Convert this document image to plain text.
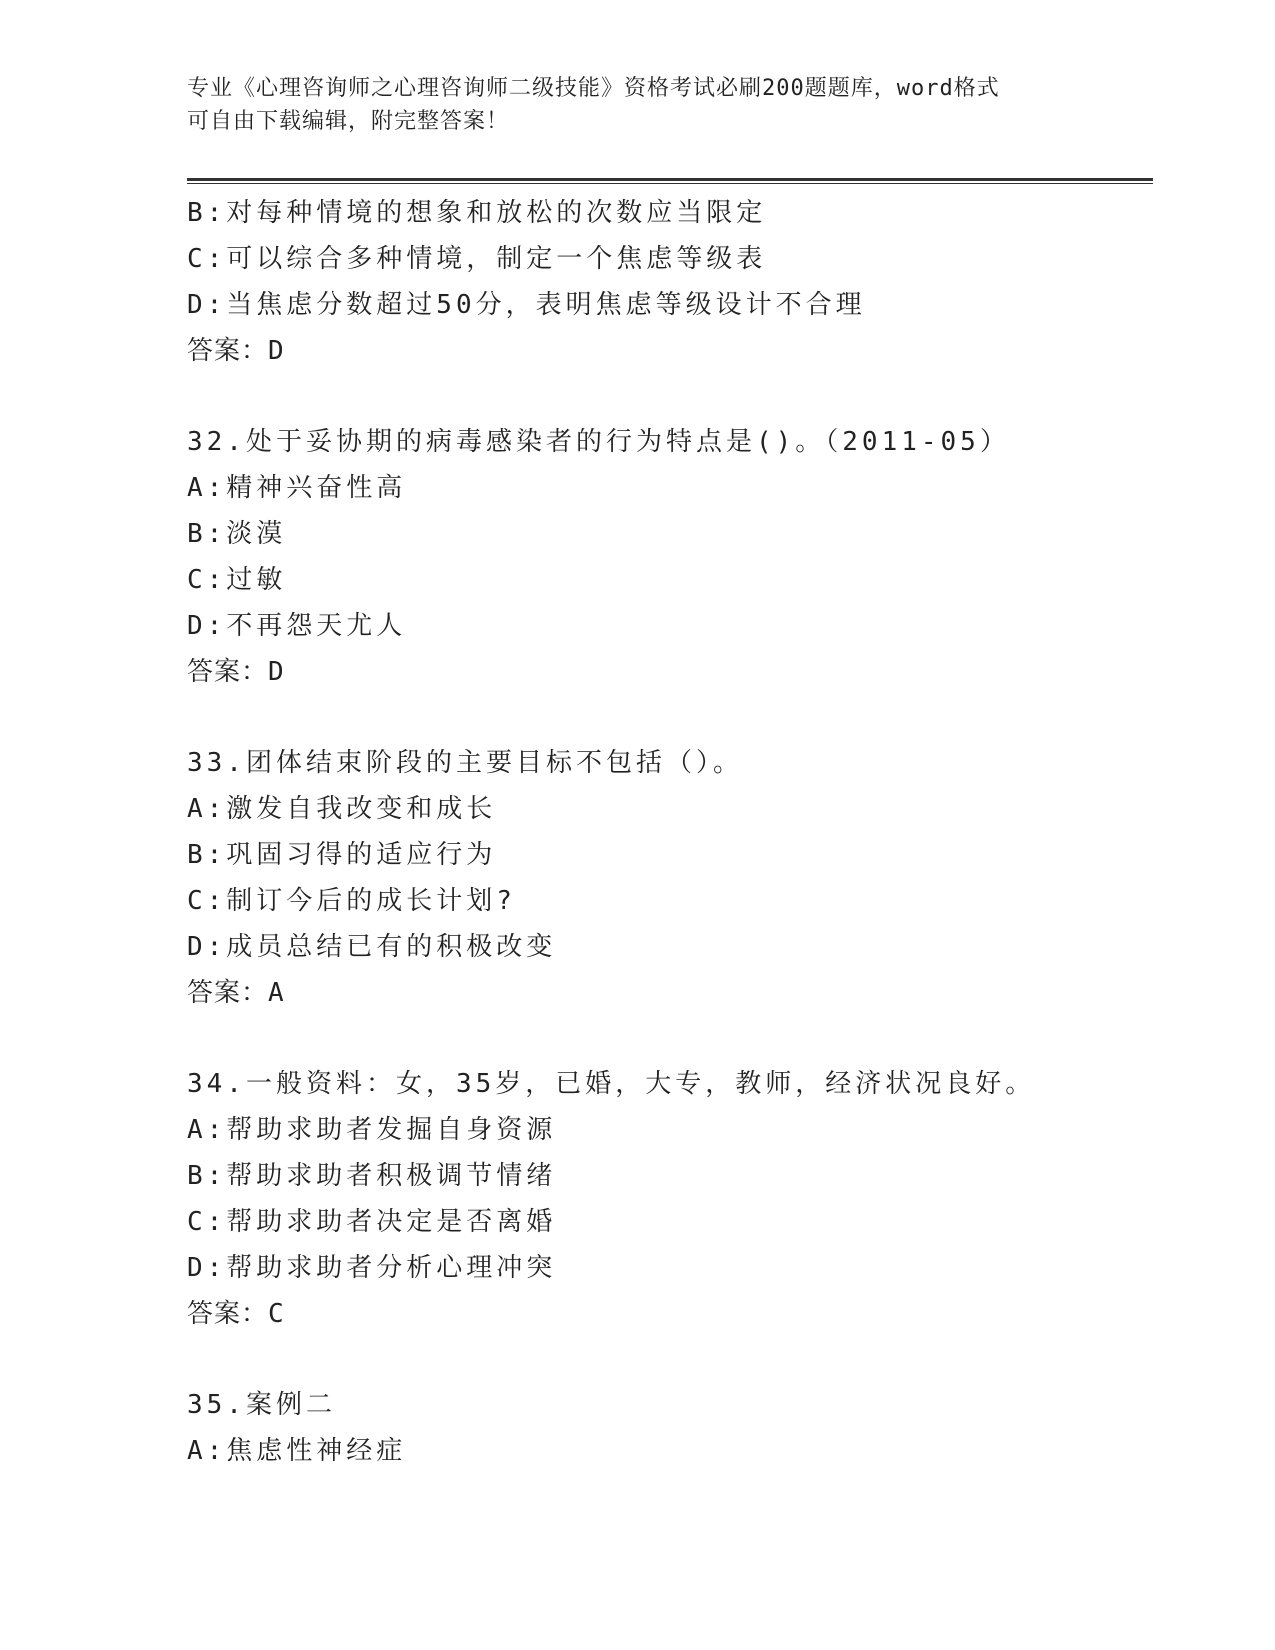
专业《心理咨询师之心理咨询师二级技能》资格考试必刷200题题库，word格式
可自由下载编辑，附完整答案！
B:对每种情境的想象和放松的次数应当限定
C:可以综合多种情境，制定一个焦虑等级表
D:当焦虑分数超过50分，表明焦虑等级设计不合理
答案：D
32.处于妥协期的病毒感染者的行为特点是()。（2011-05）
A:精神兴奋性高
B:淡漠
C:过敏
D:不再怨天尤人
答案：D
33.团体结束阶段的主要目标不包括（）。
A:激发自我改变和成长
B:巩固习得的适应行为
C:制订今后的成长计划?
D:成员总结已有的积极改变
答案：A
34.一般资料：女，35岁，已婚，大专，教师，经济状况良好。
A:帮助求助者发掘自身资源
B:帮助求助者积极调节情绪
C:帮助求助者决定是否离婚
D:帮助求助者分析心理冲突
答案：C
35.案例二
A:焦虑性神经症
